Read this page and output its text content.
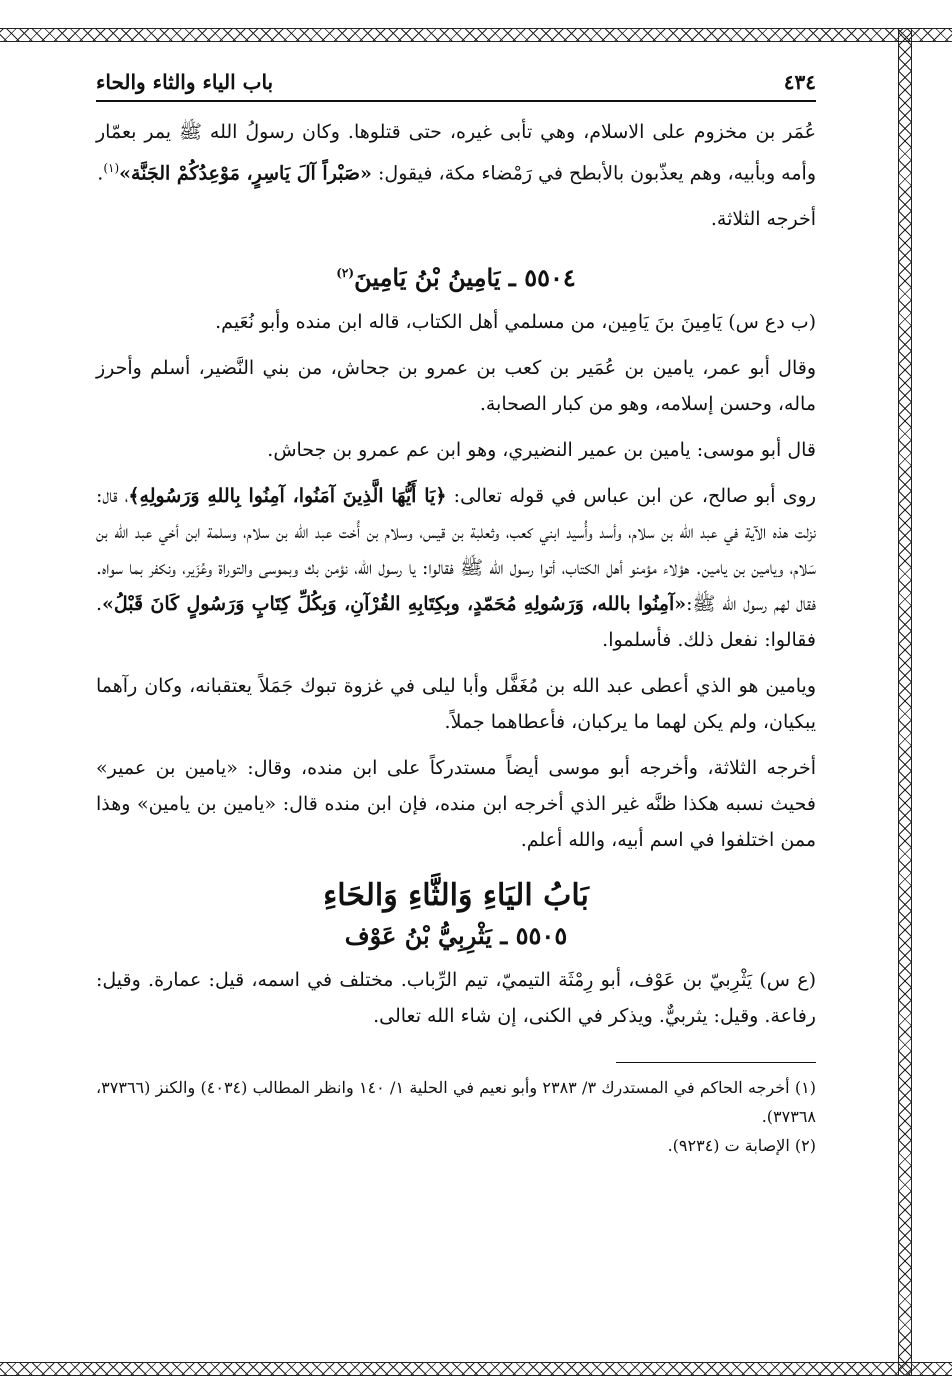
٤٣٤
باب الياء والثاء والحاء

عُمَر بن مخزوم على الاسلام، وهي تأبى غيره، حتى قتلوها. وكان رسولُ الله ﷺ يمر بعمّار وأمه وبأبيه، وهم يعذّبون بالأبطح في رَمْضاء مكة، فيقول: «صَبْراً آلَ يَاسِرٍ، مَوْعِدُكُمْ الجَنَّة»$^{(١)}$.

أخرجه الثلاثة.

٥٥٠٤ ـ يَامِينُ بْنُ يَامِينَ$^{(٢)}$

(ب دع س) يَامِينَ بنَ يَامِين، من مسلمي أهل الكتاب، قاله ابن منده وأبو نُعَيم.

وقال أبو عمر، يامين بن عُمَير بن كعب بن عمرو بن جحاش، من بني النَّضير، أسلم وأحرز ماله، وحسن إسلامه، وهو من كبار الصحابة.

قال أبو موسى: يامين بن عمير النضيري، وهو ابن عم عمرو بن جحاش.

روى أبو صالح، عن ابن عباس في قوله تعالى: ﴿يَا أَيُّهَا الَّذِينَ آمَنُوا، آمِنُوا بِاللهِ وَرَسُولِهِ﴾، قال: نزلت هذه الآية في عبد الله بن سلام، وأسد وأُسيد ابني كعب، وثعلبة بن قيس، وسلام بن أُخت عبد الله بن سلام، وسلمة ابن أخي عبد الله بن سَلام، ويامين بن يامين. هؤلاء مؤمنو أهل الكتاب، أتوا رسول الله ﷺ فقالوا: يا رسول الله، نؤمن بك وبموسى والتوراة وعُزَير، ونكفر بما سواه. فقال لهم رسول الله ﷺ:«آمِنُوا بالله، وَرَسُولِهِ مُحَمّدٍ، وبِكِتَابِهِ القُرْآنِ، وَبِكُلِّ كِتَابٍ وَرَسُولٍ كَانَ قَبْلُ». فقالوا: نفعل ذلك. فأسلموا.

ويامين هو الذي أعطى عبد الله بن مُغَفَّل وأبا ليلى في غزوة تبوك جَمَلاً يعتقبانه، وكان رآهما يبكيان، ولم يكن لهما ما يركبان، فأعطاهما جملاً.

أخرجه الثلاثة، وأخرجه أبو موسى أيضاً مستدركاً على ابن منده، وقال: «يامين بن عمير» فحيث نسبه هكذا ظنَّه غير الذي أخرجه ابن منده، فإن ابن منده قال: «يامين بن يامين» وهذا ممن اختلفوا في اسم أبيه، والله أعلم.

بَابُ اليَاءِ وَالثَّاءِ وَالحَاءِ
٥٥٠٥ ـ يَثْرِبِيُّ بْنُ عَوْف

(ع س) يَثْرِبيّ بن عَوْف، أبو رِمْثَة التيميّ، تيم الرِّباب. مختلف في اسمه، قيل: عمارة. وقيل: رفاعة. وقيل: يثربيٌّ. ويذكر في الكنى، إن شاء الله تعالى.

(١) أخرجه الحاكم في المستدرك ٣/ ٢٣٨٣ وأبو نعيم في الحلية ١/ ١٤٠ وانظر المطالب (٤٠٣٤) والكنز (٣٧٣٦٦، ٣٧٣٦٨).

(٢) الإصابة ت (٩٢٣٤).
